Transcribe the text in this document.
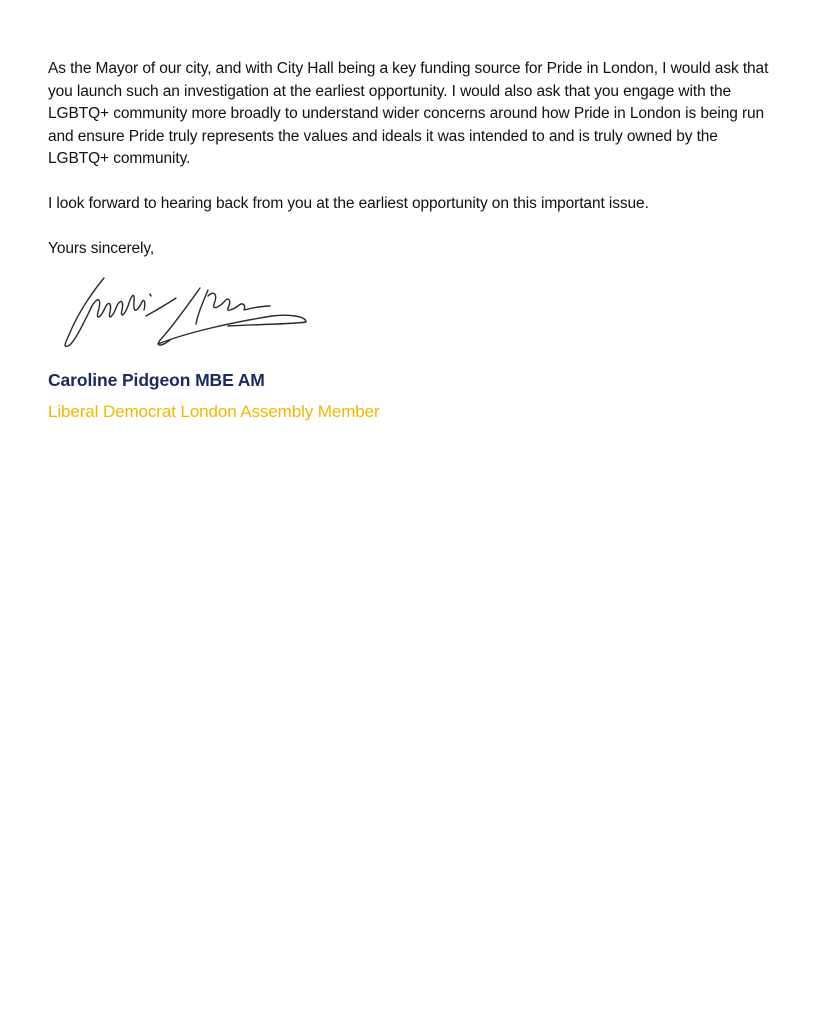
As the Mayor of our city, and with City Hall being a key funding source for Pride in London, I would ask that you launch such an investigation at the earliest opportunity. I would also ask that you engage with the LGBTQ+ community more broadly to understand wider concerns around how Pride in London is being run and ensure Pride truly represents the values and ideals it was intended to and is truly owned by the LGBTQ+ community.

I look forward to hearing back from you at the earliest opportunity on this important issue.

Yours sincerely,

Caroline Pidgeon MBE AM

Liberal Democrat London Assembly Member
